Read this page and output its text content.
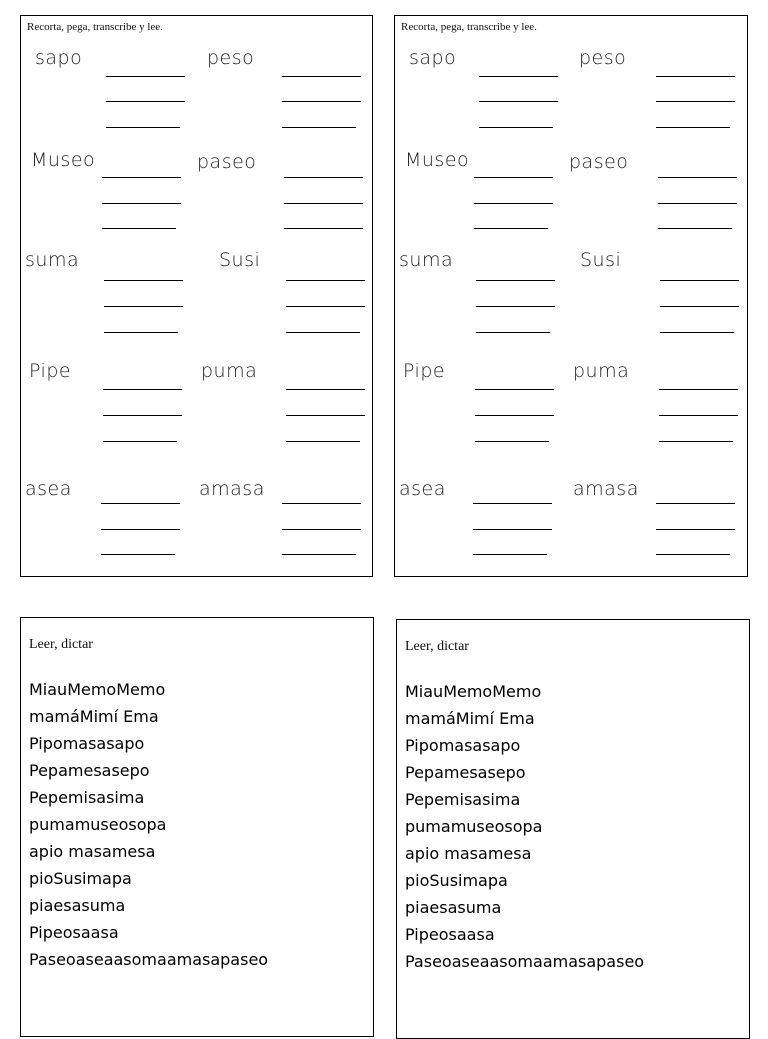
Recorta, pega, transcribe y lee.
sapo	peso
Museo	paseo
suma	Susi
Pipe	puma
asea	amasa
Recorta, pega, transcribe y lee.
sapo	peso
Museo	paseo
suma	Susi
Pipe	puma
asea	amasa
Leer, dictar
MiauMemoMemo
mamáMimí Ema
Pipomasasapo
Pepamesasepo
Pepemisasima
pumamuseosopa
apio masamesa
pioSusimapa
piaesasuma
Pipeosaasa
Paseoaseaasomaamasapaseo
Leer, dictar
MiauMemoMemo
mamáMimí Ema
Pipomasasapo
Pepamesasepo
Pepemisasima
pumamuseosopa
apio masamesa
pioSusimapa
piaesasuma
Pipeosaasa
Paseoaseaasomaamasapaseo
